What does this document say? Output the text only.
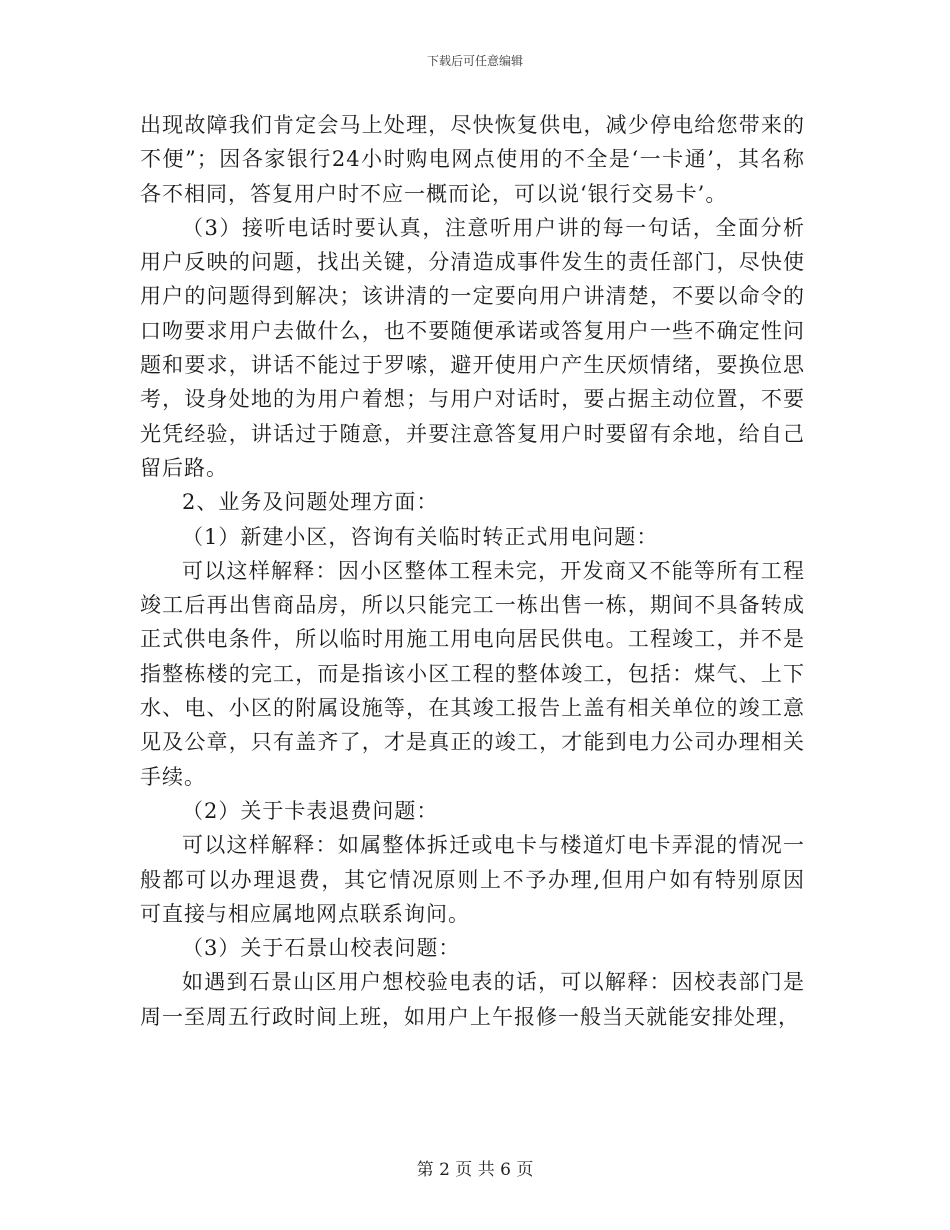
下载后可任意编辑

出现故障我们肯定会马上处理，尽快恢复供电，减少停电给您带来的不便”；因各家银行24小时购电网点使用的不全是‘一卡通’，其名称各不相同，答复用户时不应一概而论，可以说‘银行交易卡’。

（3）接听电话时要认真，注意听用户讲的每一句话，全面分析用户反映的问题，找出关键，分清造成事件发生的责任部门，尽快使用户的问题得到解决；该讲清的一定要向用户讲清楚，不要以命令的口吻要求用户去做什么，也不要随便承诺或答复用户一些不确定性问题和要求，讲话不能过于罗嗦，避开使用户产生厌烦情绪，要换位思考，设身处地的为用户着想；与用户对话时，要占据主动位置，不要光凭经验，讲话过于随意，并要注意答复用户时要留有余地，给自己留后路。

2、业务及问题处理方面：

（1）新建小区，咨询有关临时转正式用电问题：

可以这样解释：因小区整体工程未完，开发商又不能等所有工程竣工后再出售商品房，所以只能完工一栋出售一栋，期间不具备转成正式供电条件，所以临时用施工用电向居民供电。工程竣工，并不是指整栋楼的完工，而是指该小区工程的整体竣工，包括：煤气、上下水、电、小区的附属设施等，在其竣工报告上盖有相关单位的竣工意见及公章，只有盖齐了，才是真正的竣工，才能到电力公司办理相关手续。

（2）关于卡表退费问题：

可以这样解释：如属整体拆迁或电卡与楼道灯电卡弄混的情况一般都可以办理退费，其它情况原则上不予办理,但用户如有特别原因可直接与相应属地网点联系询问。

（3）关于石景山校表问题：

如遇到石景山区用户想校验电表的话，可以解释：因校表部门是周一至周五行政时间上班，如用户上午报修一般当天就能安排处理，

第 2 页 共 6 页
